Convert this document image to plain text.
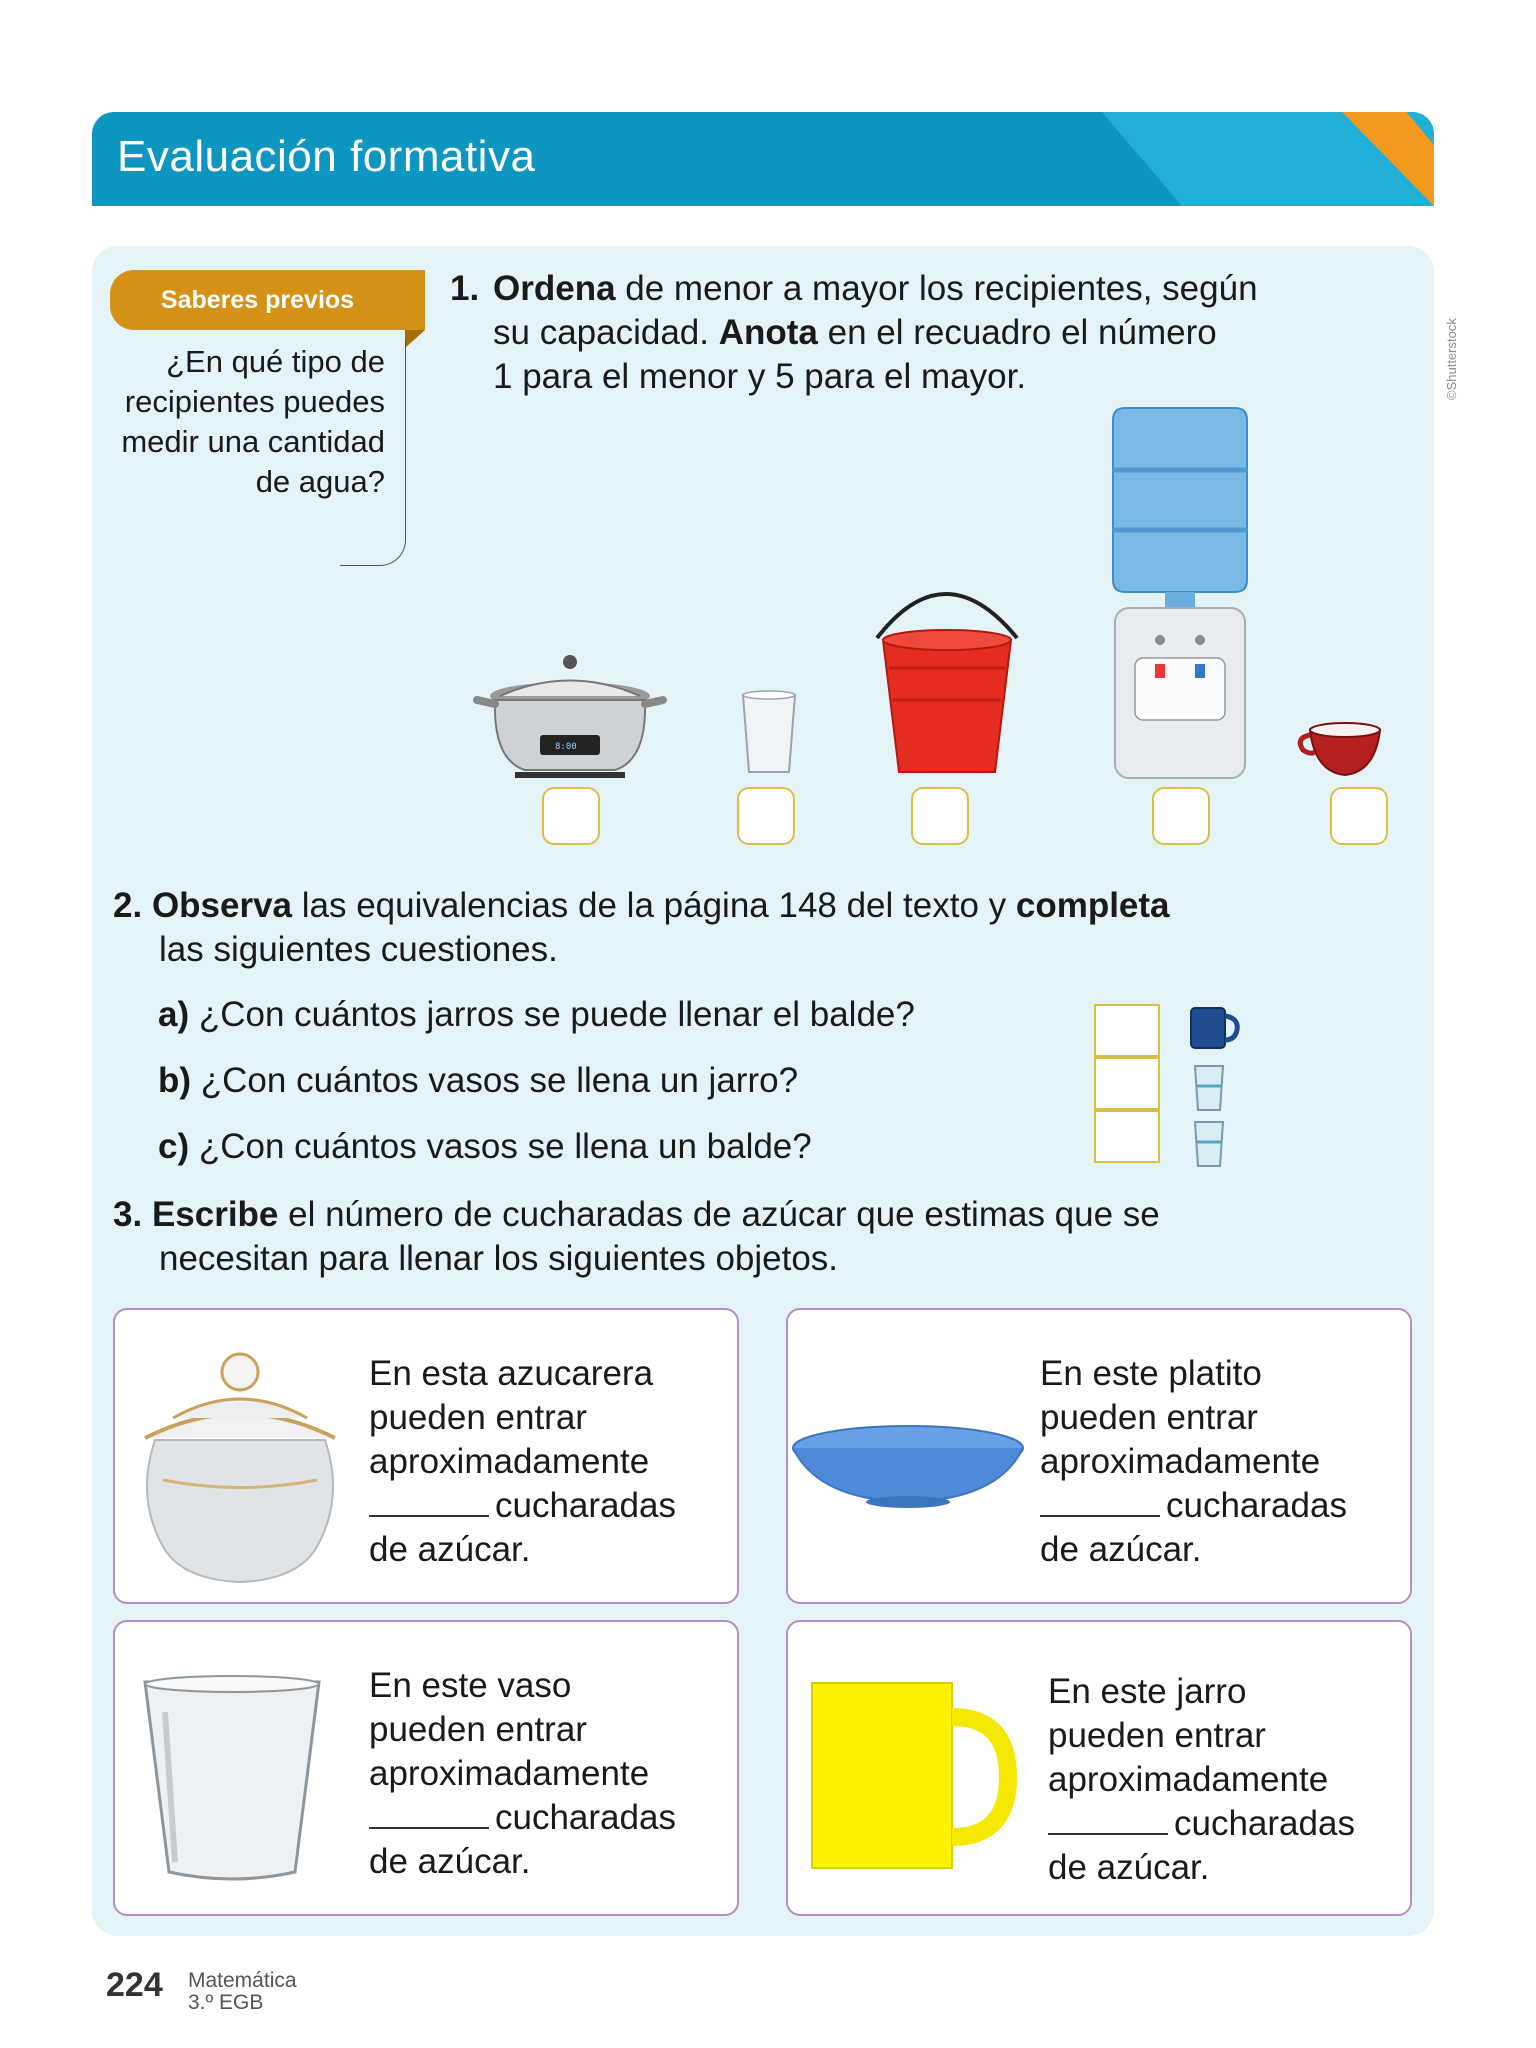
Evaluación formativa
DUA
Acción y expresión
©Shutterstock
Saberes previos
¿En qué tipo de recipientes puedes medir una cantidad de agua?
1. Ordena de menor a mayor los recipientes, según
su capacidad. Anota en el recuadro el número
1 para el menor y 5 para el mayor.
8:00
2. Observa las equivalencias de la página 148 del texto y completa
las siguientes cuestiones.
a) ¿Con cuántos jarros se puede llenar el balde?
b) ¿Con cuántos vasos se llena un jarro?
c) ¿Con cuántos vasos se llena un balde?
3. Escribe el número de cucharadas de azúcar que estimas que se
necesitan para llenar los siguientes objetos.
En esta azucarera
pueden entrar
aproximadamente
cucharadas
de azúcar.
En este platito
pueden entrar
aproximadamente
cucharadas
de azúcar.
En este vaso
pueden entrar
aproximadamente
cucharadas
de azúcar.
En este jarro
pueden entrar
aproximadamente
cucharadas
de azúcar.
224 Matemática
3.º EGB
